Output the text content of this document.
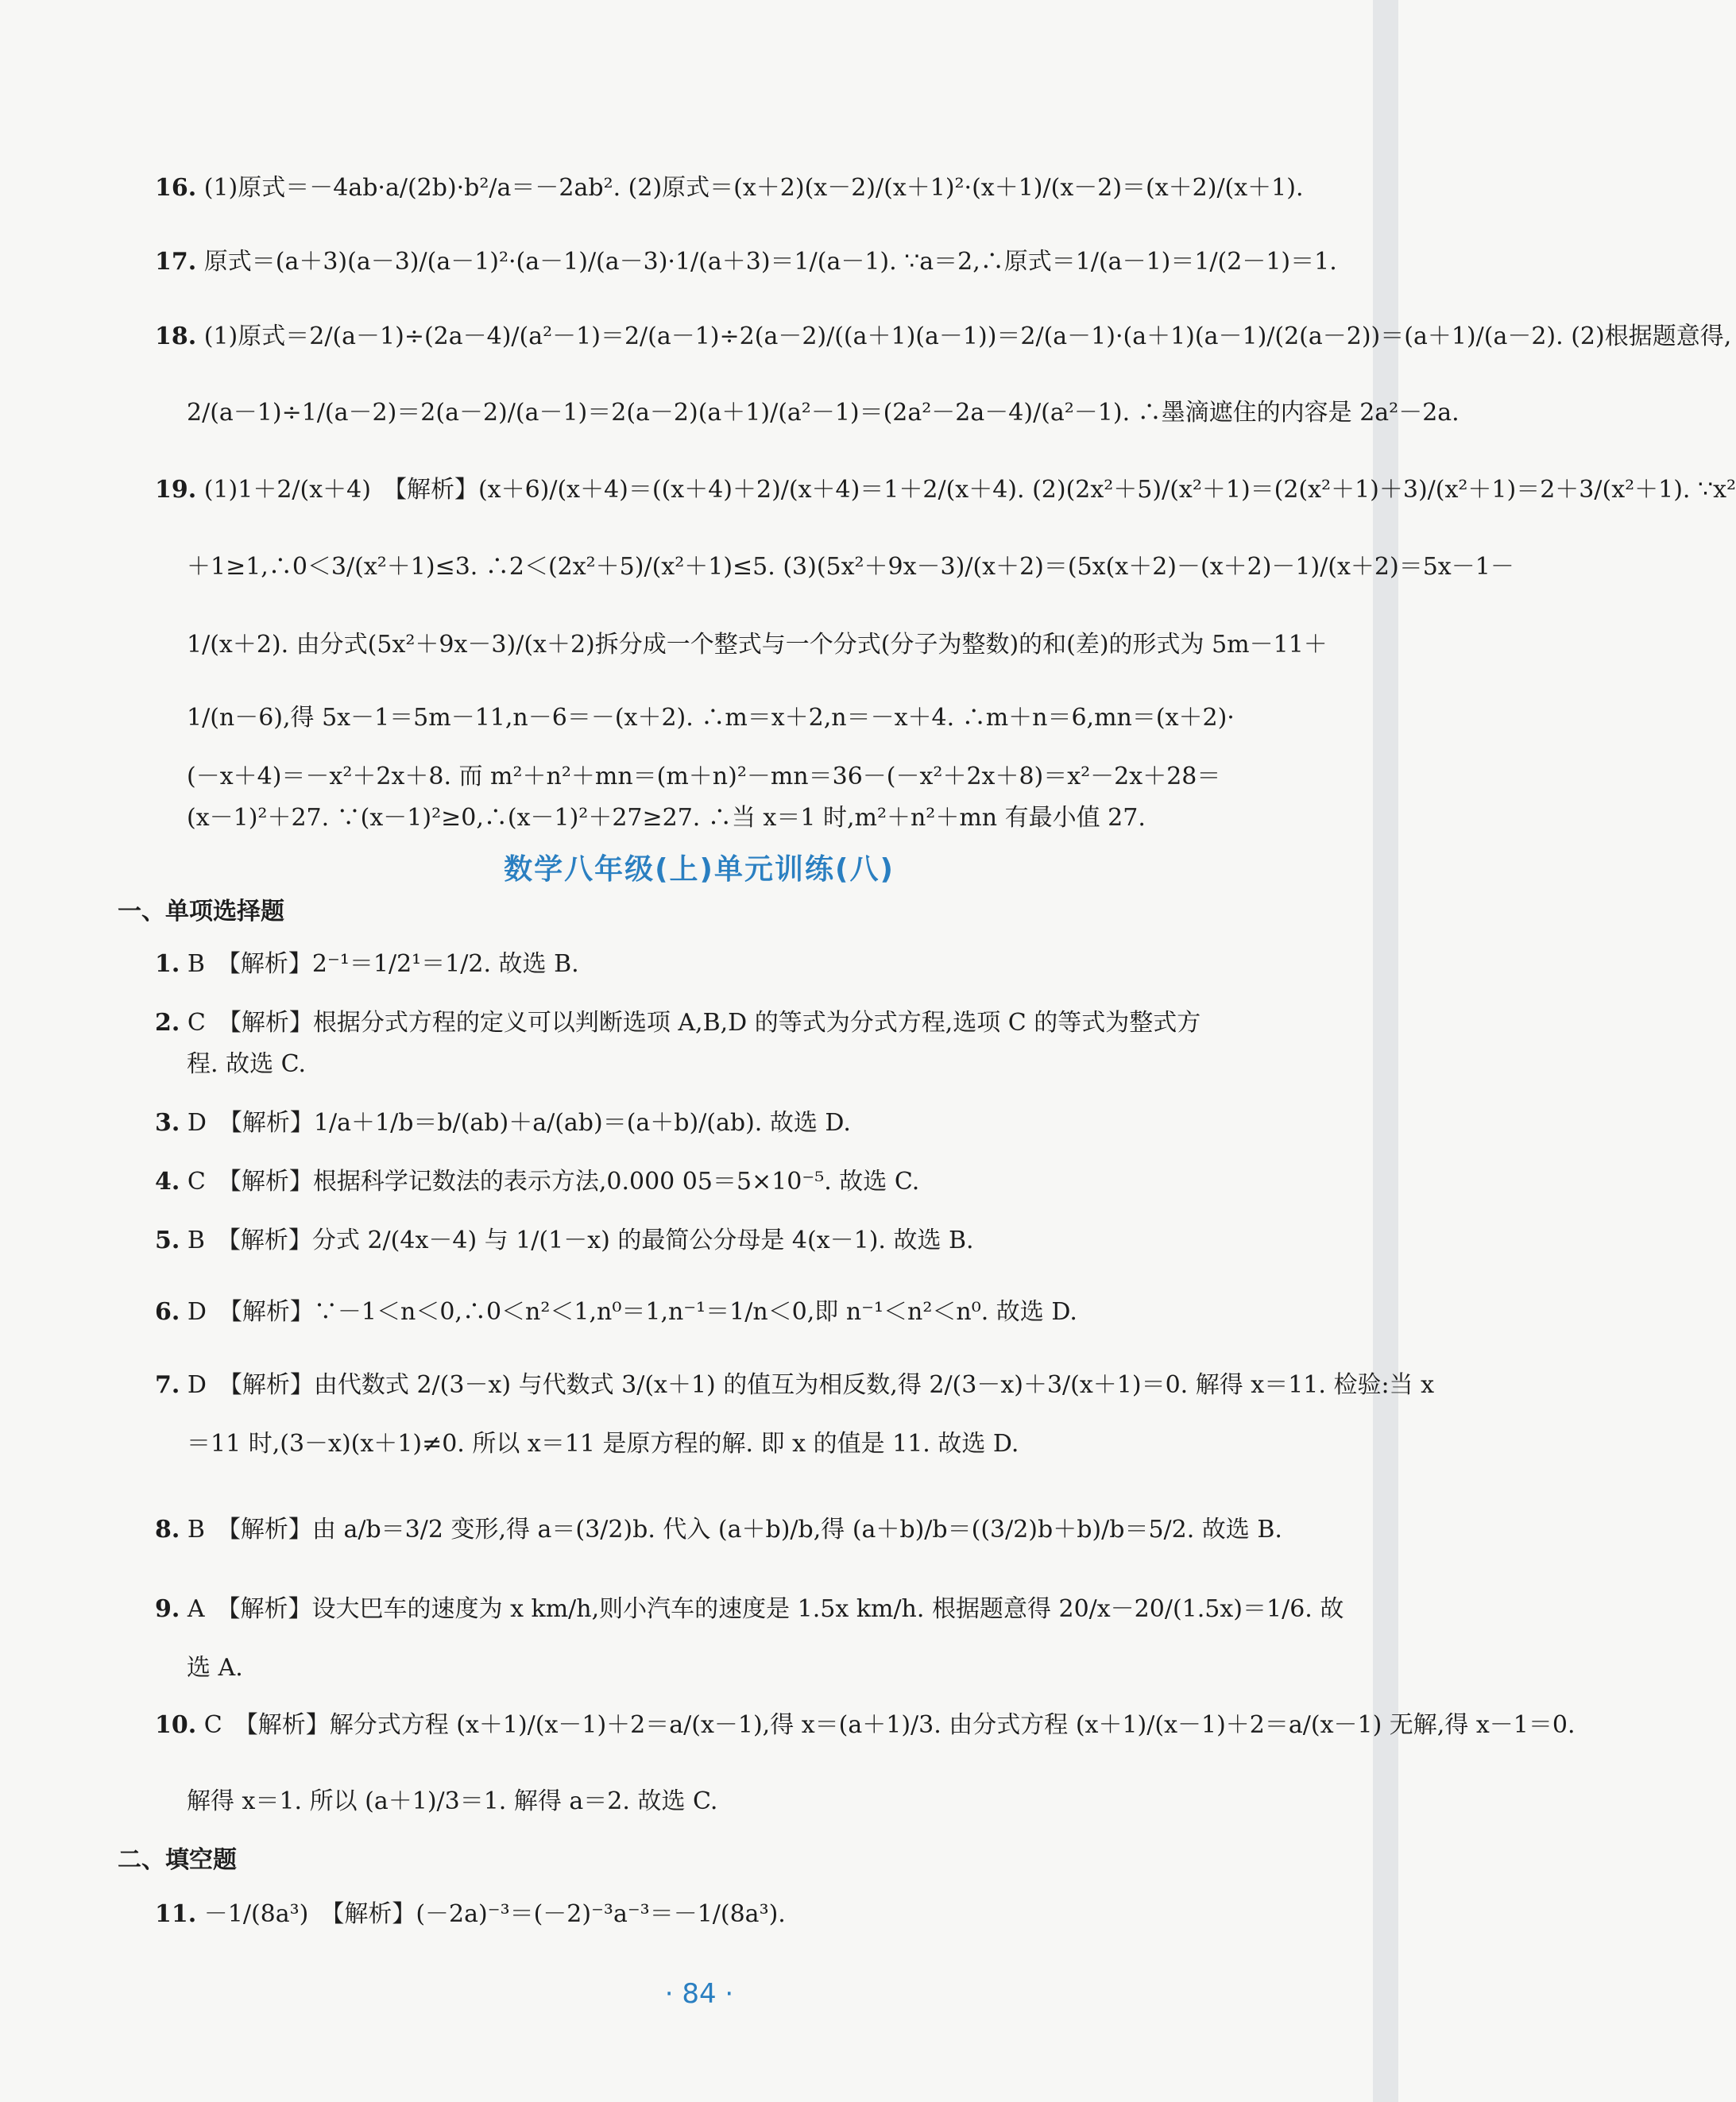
16. (1)原式＝－4ab·a/(2b)·b²/a＝－2ab². (2)原式＝(x＋2)(x－2)/(x＋1)²·(x＋1)/(x－2)＝(x＋2)/(x＋1).
17. 原式＝(a＋3)(a－3)/(a－1)²·(a－1)/(a－3)·1/(a＋3)＝1/(a－1). ∵a＝2,∴原式＝1/(a－1)＝1/(2－1)＝1.
18. (1)原式＝2/(a－1)÷(2a－4)/(a²－1)＝2/(a－1)÷2(a－2)/((a＋1)(a－1))＝2/(a－1)·(a＋1)(a－1)/(2(a－2))＝(a＋1)/(a－2). (2)根据题意得,
2/(a－1)÷1/(a－2)＝2(a－2)/(a－1)＝2(a－2)(a＋1)/(a²－1)＝(2a²－2a－4)/(a²－1). ∴墨滴遮住的内容是 2a²－2a.
19. (1)1＋2/(x＋4)　【解析】(x＋6)/(x＋4)＝((x＋4)＋2)/(x＋4)＝1＋2/(x＋4). (2)(2x²＋5)/(x²＋1)＝(2(x²＋1)＋3)/(x²＋1)＝2＋3/(x²＋1). ∵x²
＋1≥1,∴0＜3/(x²＋1)≤3. ∴2＜(2x²＋5)/(x²＋1)≤5. (3)(5x²＋9x－3)/(x＋2)＝(5x(x＋2)－(x＋2)－1)/(x＋2)＝5x－1－
1/(x＋2). 由分式(5x²＋9x－3)/(x＋2)拆分成一个整式与一个分式(分子为整数)的和(差)的形式为 5m－11＋
1/(n－6),得 5x－1＝5m－11,n－6＝－(x＋2). ∴m＝x＋2,n＝－x＋4. ∴m＋n＝6,mn＝(x＋2)·
(－x＋4)＝－x²＋2x＋8. 而 m²＋n²＋mn＝(m＋n)²－mn＝36－(－x²＋2x＋8)＝x²－2x＋28＝
(x－1)²＋27. ∵(x－1)²≥0,∴(x－1)²＋27≥27. ∴当 x＝1 时,m²＋n²＋mn 有最小值 27.
数学八年级(上)单元训练(八)
一、单项选择题
1. B　【解析】2⁻¹＝1/2¹＝1/2. 故选 B.
2. C　【解析】根据分式方程的定义可以判断选项 A,B,D 的等式为分式方程,选项 C 的等式为整式方
程. 故选 C.
3. D　【解析】1/a＋1/b＝b/(ab)＋a/(ab)＝(a＋b)/(ab). 故选 D.
4. C　【解析】根据科学记数法的表示方法,0.000 05＝5×10⁻⁵. 故选 C.
5. B　【解析】分式 2/(4x－4) 与 1/(1－x) 的最简公分母是 4(x－1). 故选 B.
6. D　【解析】∵－1＜n＜0,∴0＜n²＜1,n⁰＝1,n⁻¹＝1/n＜0,即 n⁻¹＜n²＜n⁰. 故选 D.
7. D　【解析】由代数式 2/(3－x) 与代数式 3/(x＋1) 的值互为相反数,得 2/(3－x)＋3/(x＋1)＝0. 解得 x＝11. 检验:当 x
＝11 时,(3－x)(x＋1)≠0. 所以 x＝11 是原方程的解. 即 x 的值是 11. 故选 D.
8. B　【解析】由 a/b＝3/2 变形,得 a＝(3/2)b. 代入 (a＋b)/b,得 (a＋b)/b＝((3/2)b＋b)/b＝5/2. 故选 B.
9. A　【解析】设大巴车的速度为 x km/h,则小汽车的速度是 1.5x km/h. 根据题意得 20/x－20/(1.5x)＝1/6. 故
选 A.
10. C　【解析】解分式方程 (x＋1)/(x－1)＋2＝a/(x－1),得 x＝(a＋1)/3. 由分式方程 (x＋1)/(x－1)＋2＝a/(x－1) 无解,得 x－1＝0.
解得 x＝1. 所以 (a＋1)/3＝1. 解得 a＝2. 故选 C.
二、填空题
11. －1/(8a³)　【解析】(－2a)⁻³＝(－2)⁻³a⁻³＝－1/(8a³).
· 84 ·
